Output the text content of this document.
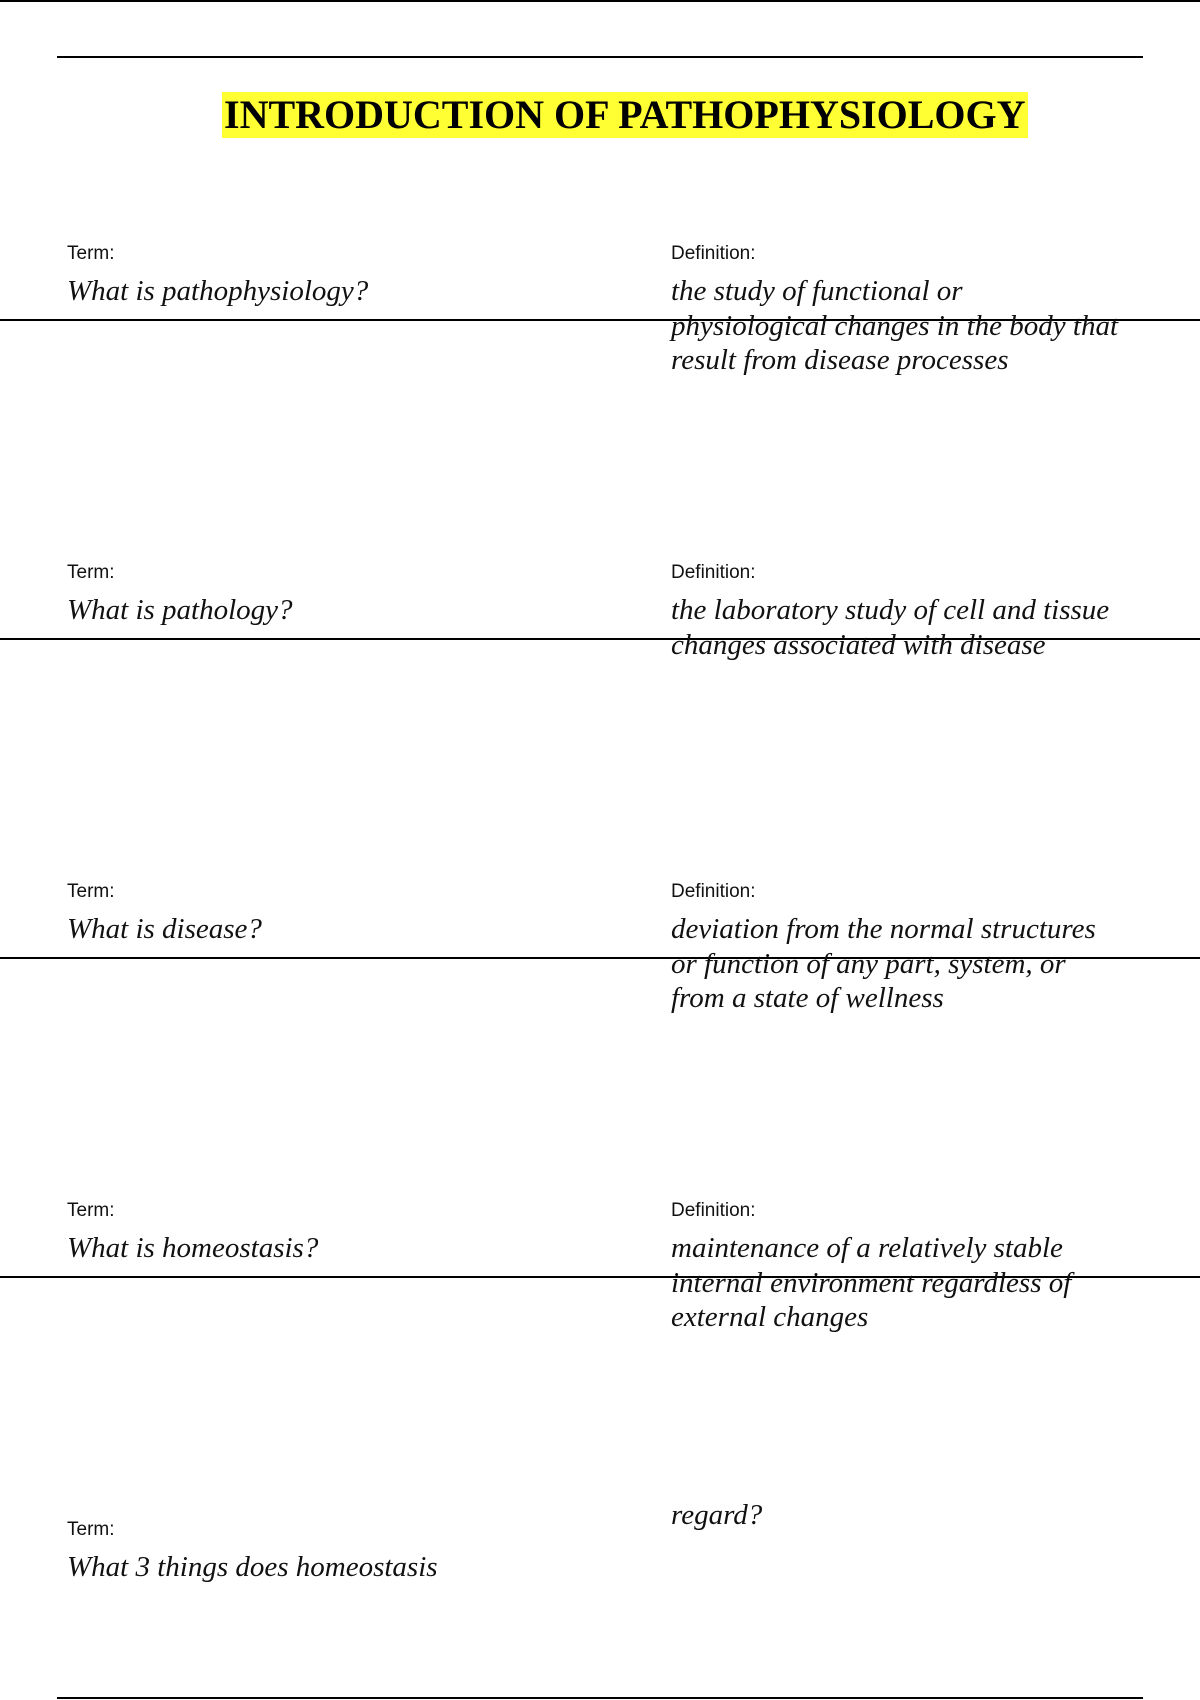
INTRODUCTION OF PATHOPHYSIOLOGY
Term:
What is pathophysiology?
Definition:
the study of functional or
physiological changes in the body that
result from disease processes
Term:
What is pathology?
Definition:
the laboratory study of cell and tissue
changes associated with disease
Term:
What is disease?
Definition:
deviation from the normal structures
or function of any part, system, or
from a state of wellness
Term:
What is homeostasis?
Definition:
maintenance of a relatively stable
internal environment regardless of
external changes
regard?
Term:
What 3 things does homeostasis
